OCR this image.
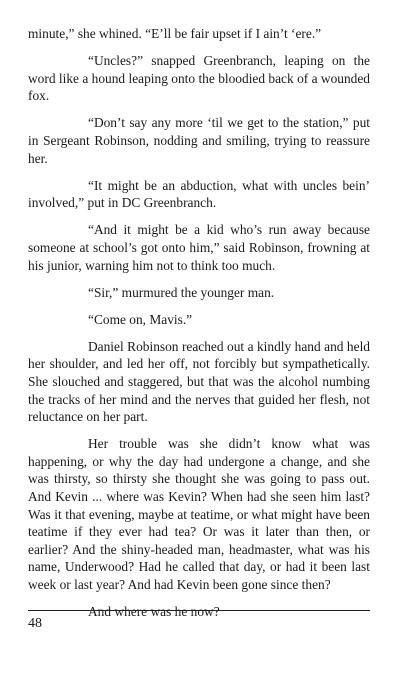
minute,” she whined. “E’ll be fair upset if I ain’t ‘ere.”

“Uncles?” snapped Greenbranch, leaping on the word like a hound leaping onto the bloodied back of a wounded fox.

“Don’t say any more ‘til we get to the station,” put in Sergeant Robinson, nodding and smiling, trying to reassure her.

“It might be an abduction, what with uncles bein’ involved,” put in DC Greenbranch.

“And it might be a kid who’s run away because someone at school’s got onto him,” said Robinson, frowning at his junior, warning him not to think too much.

“Sir,” murmured the younger man.

“Come on, Mavis.”

Daniel Robinson reached out a kindly hand and held her shoulder, and led her off, not forcibly but sympathetically. She slouched and staggered, but that was the alcohol numbing the tracks of her mind and the nerves that guided her flesh, not reluctance on her part.

Her trouble was she didn’t know what was happening, or why the day had undergone a change, and she was thirsty, so thirsty she thought she was going to pass out. And Kevin ... where was Kevin? When had she seen him last? Was it that evening, maybe at teatime, or what might have been teatime if they ever had tea? Or was it later than then, or earlier? And the shiny-headed man, headmaster, what was his name, Underwood? Had he called that day, or had it been last week or last year? And had Kevin been gone since then?

And where was he now?

48
